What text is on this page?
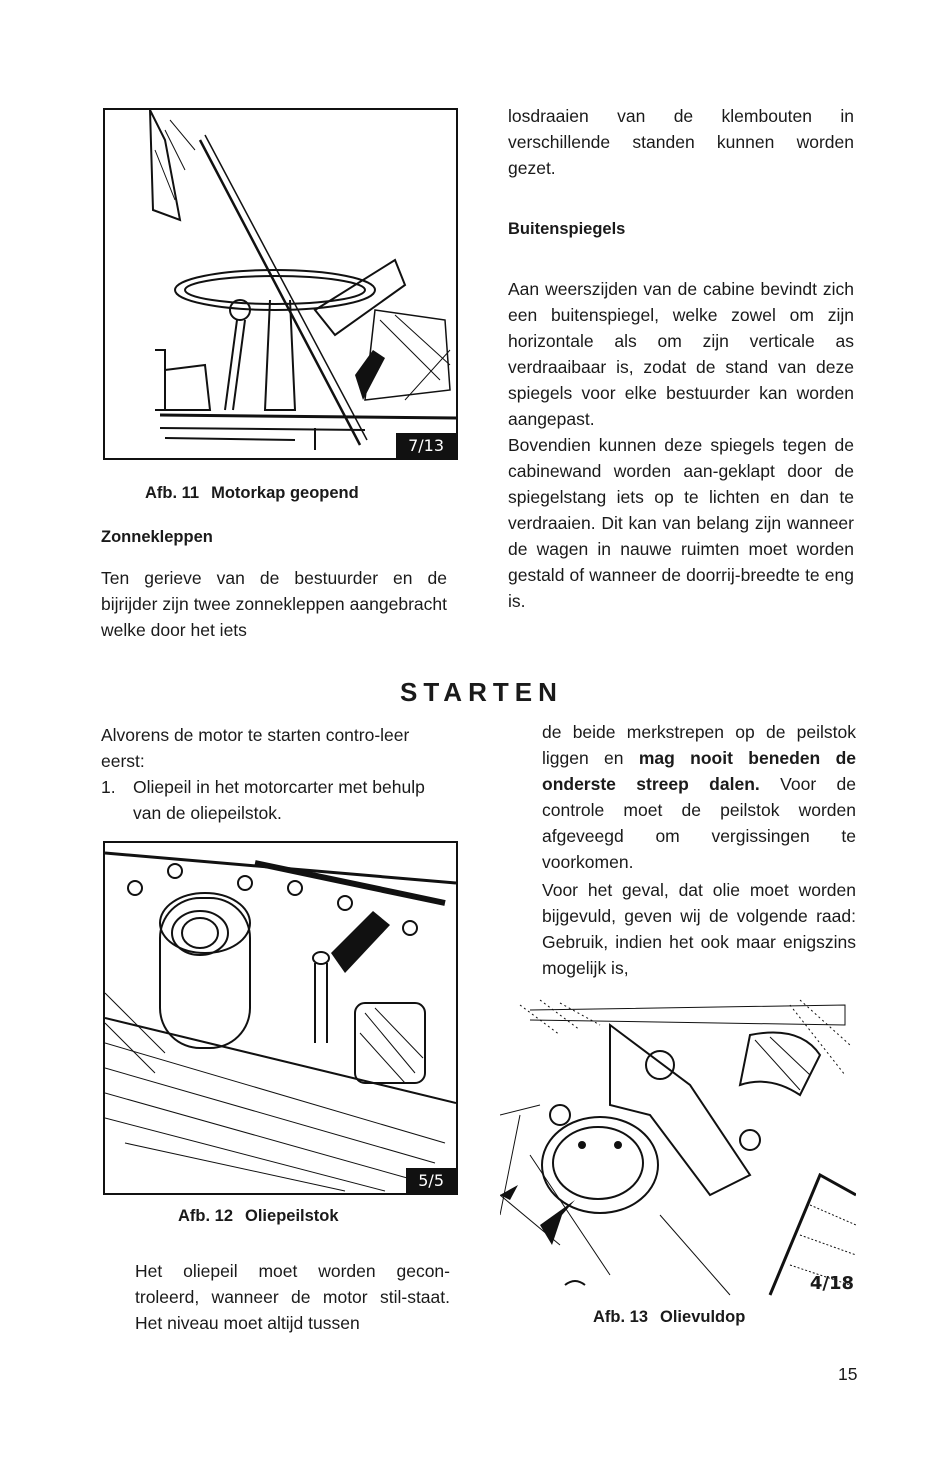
7/13
Afb. 11 Motorkap geopend
Zonnekleppen
Ten gerieve van de bestuurder en de bijrijder zijn twee zonnekleppen aangebracht welke door het iets
losdraaien van de klembouten in verschillende standen kunnen worden gezet.
Buitenspiegels
Aan weerszijden van de cabine bevindt zich een buitenspiegel, welke zowel om zijn horizontale als om zijn verticale as verdraaibaar is, zodat de stand van deze spiegels voor elke bestuurder kan worden aangepast.
Bovendien kunnen deze spiegels tegen de cabinewand worden aan-geklapt door de spiegelstang iets op te lichten en dan te verdraaien. Dit kan van belang zijn wanneer de wagen in nauwe ruimten moet worden gestald of wanneer de doorrij-breedte te eng is.
STARTEN
Alvorens de motor te starten contro-leer eerst:
1. Oliepeil in het motorcarter met behulp van de oliepeilstok.
5/5
Afb. 12 Oliepeilstok
Het oliepeil moet worden gecon-troleerd, wanneer de motor stil-staat. Het niveau moet altijd tussen
de beide merkstrepen op de peilstok liggen en mag nooit beneden de onderste streep dalen. Voor de controle moet de peilstok worden afgeveegd om vergissingen te voorkomen.
Voor het geval, dat olie moet worden bijgevuld, geven wij de volgende raad: Gebruik, indien het ook maar enigszins mogelijk is,
4/18
Afb. 13 Olievuldop
15
